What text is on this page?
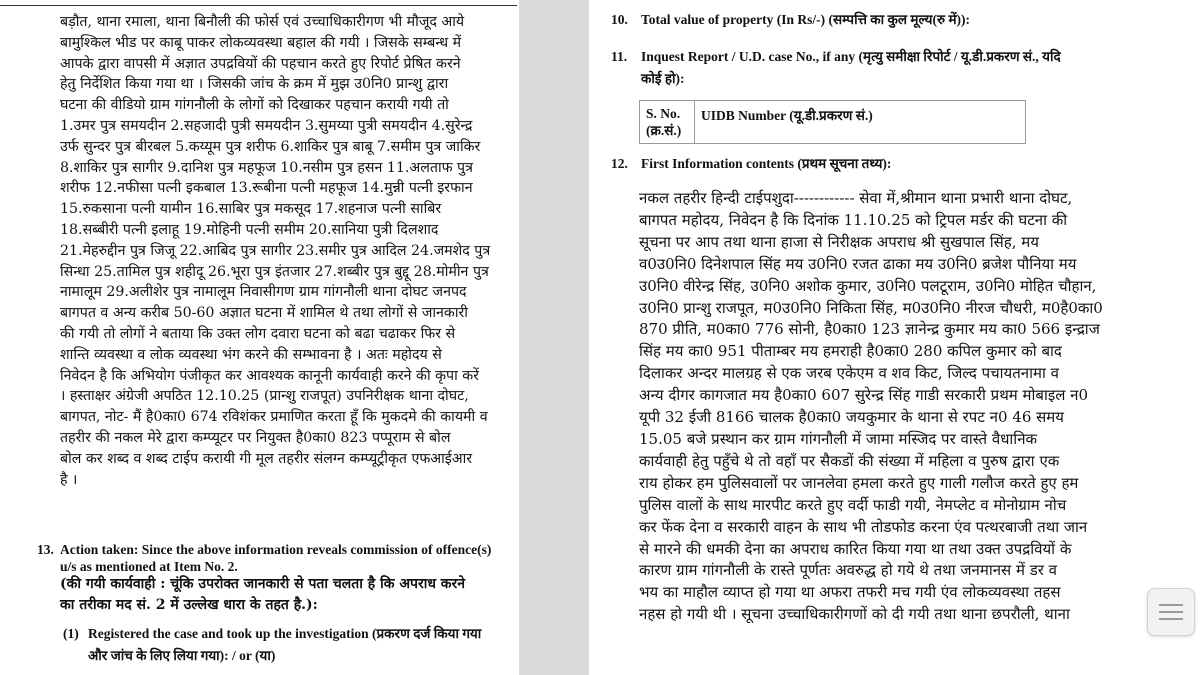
बड़ौत, थाना रमाला, थाना बिनौली की फोर्स एवं उच्चाधिकारीगण भी मौजूद आये
बामुश्किल भीड पर काबू पाकर लोकव्यवस्था बहाल की गयी । जिसके सम्बन्ध में
आपके द्वारा वापसी में अज्ञात उपद्रवियों की पहचान करते हुए रिपोर्ट प्रेषित करने
हेतु निर्देशित किया गया था । जिसकी जांच के क्रम में मुझ उ0नि0 प्रान्शु द्वारा
घटना की वीडियो ग्राम गांगनौली के लोगों को दिखाकर पहचान करायी गयी तो
1.उमर पुत्र समयदीन 2.सहजादी पुत्री समयदीन 3.सुमय्या पुत्री समयदीन 4.सुरेन्द्र
उर्फ सुन्दर पुत्र बीरबल 5.कय्यूम पुत्र शरीफ 6.शाकिर पुत्र बाबू 7.समीम पुत्र जाकिर
8.शाकिर पुत्र सागीर 9.दानिश पुत्र महफूज 10.नसीम पुत्र हसन 11.अलताफ पुत्र
शरीफ 12.नफीसा पत्नी इकबाल 13.रूबीना पत्नी महफूज 14.मुन्नी पत्नी इरफान
15.रुकसाना पत्नी यामीन 16.साबिर पुत्र मकसूद 17.शहनाज पत्नी साबिर
18.सब्बीरी पत्नी इलाहू 19.मोहिनी पत्नी समीम 20.सानिया पुत्री दिलशाद
21.मेहरुद्दीन पुत्र जिजू 22.आबिद पुत्र सागीर 23.समीर पुत्र आदिल 24.जमशेद पुत्र
सिन्धा 25.तामिल पुत्र शहीदू 26.भूरा पुत्र इंतजार 27.शब्बीर पुत्र बुद्दू 28.मोमीन पुत्र
नामालूम 29.अलीशेर पुत्र नामालूम निवासीगण ग्राम गांगनौली थाना दोघट जनपद
बागपत व अन्य करीब 50-60 अज्ञात घटना में शामिल थे तथा लोगों से जानकारी
की गयी तो लोगों ने बताया कि उक्त लोग दवारा घटना को बढा चढाकर फिर से
शान्ति व्यवस्था व लोक व्यवस्था भंग करने की सम्भावना है । अतः महोदय से
निवेदन है कि अभियोग पंजीकृत कर आवश्यक कानूनी कार्यवाही करने की कृपा करें
। हस्ताक्षर अंग्रेजी अपठित 12.10.25 (प्रान्शु राजपूत) उपनिरीक्षक थाना दोघट,
बागपत, नोट- मैं है0का0 674 रविशंकर प्रमाणित करता हूँ कि मुकदमे की कायमी व
तहरीर की नकल मेरे द्वारा कम्प्यूटर पर नियुक्त है0का0 823 पप्पूराम से बोल
बोल कर शब्द व शब्द टाईप करायी गी मूल तहरीर संलग्न कम्प्यूट्रीकृत एफआईआर
है ।
13. Action taken: Since the above information reveals commission of offence(s)
u/s as mentioned at Item No. 2.

(की गयी कार्यवाही : चूंकि उपरोक्त जानकारी से पता चलता है कि अपराध करने

का तरीका मद सं. 2 में उल्लेख धारा के तहत है.):

(1) Registered the case and took up the investigation (प्रकरण दर्ज किया गया
और जांच के लिए लिया गया): / or (या)
10. Total value of property (In Rs/-) (सम्पत्ति का कुल मूल्य(रु में)):
11. Inquest Report / U.D. case No., if any (मृत्यु समीक्षा रिपोर्ट / यू.डी.प्रकरण सं., यदि
कोई हो):
S. No.
(क्र.सं.)	UIDB Number (यू.डी.प्रकरण सं.)
12. First Information contents (प्रथम सूचना तथ्य):
नकल तहरीर हिन्दी टाईपशुदा------------ सेवा में,श्रीमान थाना प्रभारी थाना दोघट,
बागपत महोदय, निवेदन है कि दिनांक 11.10.25 को ट्रिपल मर्डर की घटना की
सूचना पर आप तथा थाना हाजा से निरीक्षक अपराध श्री सुखपाल सिंह, मय
व0उ0नि0 दिनेशपाल सिंह मय उ0नि0 रजत ढाका मय उ0नि0 ब्रजेश पौनिया मय
उ0नि0 वीरेन्द्र सिंह, उ0नि0 अशोक कुमार, उ0नि0 पलटूराम, उ0नि0 मोहित चौहान,
उ0नि0 प्रान्शु राजपूत, म0उ0नि0 निकिता सिंह, म0उ0नि0 नीरज चौधरी, म0है0का0
870 प्रीति, म0का0 776 सोनी, है0का0 123 ज्ञानेन्द्र कुमार मय का0 566 इन्द्राज
सिंह मय का0 951 पीताम्बर मय हमराही है0का0 280 कपिल कुमार को बाद
दिलाकर अन्दर मालग्रह से एक जरब एकेएम व शव किट, जिल्द पचायतनामा व
अन्य दीगर कागजात मय है0का0 607 सुरेन्द्र सिंह गाडी सरकारी प्रथम मोबाइल न0
यूपी 32 ईजी 8166 चालक है0का0 जयकुमार के थाना से रपट न0 46 समय
15.05 बजे प्रस्थान कर ग्राम गांगनौली में जामा मस्जिद पर वास्ते वैधानिक
कार्यवाही हेतु पहुँचे थे तो वहाँ पर सैकडों की संख्या में महिला व पुरुष द्वारा एक
राय होकर हम पुलिसवालों पर जानलेवा हमला करते हुए गाली गलौज करते हुए हम
पुलिस वालों के साथ मारपीट करते हुए वर्दी फाडी गयी, नेमप्लेट व मोनोग्राम नोच
कर फेंक देना व सरकारी वाहन के साथ भी तोडफोड करना एंव पत्थरबाजी तथा जान
से मारने की धमकी देना का अपराध कारित किया गया था तथा उक्त उपद्रवियों के
कारण ग्राम गांगनौली के रास्ते पूर्णतः अवरुद्ध हो गये थे तथा जनमानस में डर व
भय का माहौल व्याप्त हो गया था अफरा तफरी मच गयी एंव लोकव्यवस्था तहस
नहस हो गयी थी । सूचना उच्चाधिकारीगणों को दी गयी तथा थाना छपरौली, थाना
